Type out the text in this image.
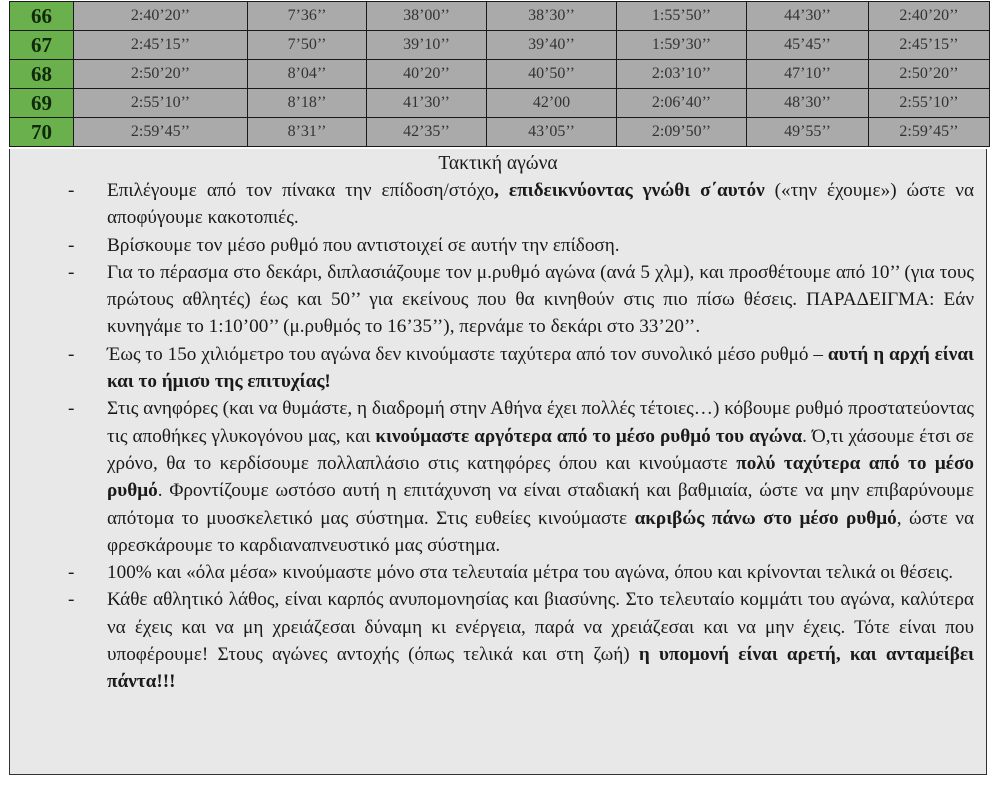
66	2:40’20’’	7’36’’	38’00’’	38’30’’	1:55’50’’	44’30’’	2:40’20’’
67	2:45’15’’	7’50’’	39’10’’	39’40’’	1:59’30’’	45’45’’	2:45’15’’
68	2:50’20’’	8’04’’	40’20’’	40’50’’	2:03’10’’	47’10’’	2:50’20’’
69	2:55’10’’	8’18’’	41’30’’	42’00	2:06’40’’	48’30’’	2:55’10’’
70	2:59’45’’	8’31’’	42’35’’	43’05’’	2:09’50’’	49’55’’	2:59’45’’
Τακτική αγώνα
- Επιλέγουμε από τον πίνακα την επίδοση/στόχο, επιδεικνύοντας γνώθι σ΄αυτόν («την έχουμε») ώστε να αποφύγουμε κακοτοπιές.
- Βρίσκουμε τον μέσο ρυθμό που αντιστοιχεί σε αυτήν την επίδοση.
- Για το πέρασμα στο δεκάρι, διπλασιάζουμε τον μ.ρυθμό αγώνα (ανά 5 χλμ), και προσθέτουμε από 10’’ (για τους πρώτους αθλητές) έως και 50’’ για εκείνους που θα κινηθούν στις πιο πίσω θέσεις. ΠΑΡΑΔΕΙΓΜΑ: Εάν κυνηγάμε το 1:10’00’’ (μ.ρυθμός το 16’35’’), περνάμε το δεκάρι στο 33’20’’.
- Έως το 15ο χιλιόμετρο του αγώνα δεν κινούμαστε ταχύτερα από τον συνολικό μέσο ρυθμό – αυτή η αρχή είναι και το ήμισυ της επιτυχίας!
- Στις ανηφόρες (και να θυμάστε, η διαδρομή στην Αθήνα έχει πολλές τέτοιες…) κόβουμε ρυθμό προστατεύοντας τις αποθήκες γλυκογόνου μας, και κινούμαστε αργότερα από το μέσο ρυθμό του αγώνα. Ό,τι χάσουμε έτσι σε χρόνο, θα το κερδίσουμε πολλαπλάσιο στις κατηφόρες όπου και κινούμαστε πολύ ταχύτερα από το μέσο ρυθμό. Φροντίζουμε ωστόσο αυτή η επιτάχυνση να είναι σταδιακή και βαθμιαία, ώστε να μην επιβαρύνουμε απότομα το μυοσκελετικό μας σύστημα. Στις ευθείες κινούμαστε ακριβώς πάνω στο μέσο ρυθμό, ώστε να φρεσκάρουμε το καρδιαναπνευστικό μας σύστημα.
- 100% και «όλα μέσα» κινούμαστε μόνο στα τελευταία μέτρα του αγώνα, όπου και κρίνονται τελικά οι θέσεις.
- Κάθε αθλητικό λάθος, είναι καρπός ανυπομονησίας και βιασύνης. Στο τελευταίο κομμάτι του αγώνα, καλύτερα να έχεις και να μη χρειάζεσαι δύναμη κι ενέργεια, παρά να χρειάζεσαι και να μην έχεις. Τότε είναι που υποφέρουμε! Στους αγώνες αντοχής (όπως τελικά και στη ζωή) η υπομονή είναι αρετή, και ανταμείβει πάντα!!!
